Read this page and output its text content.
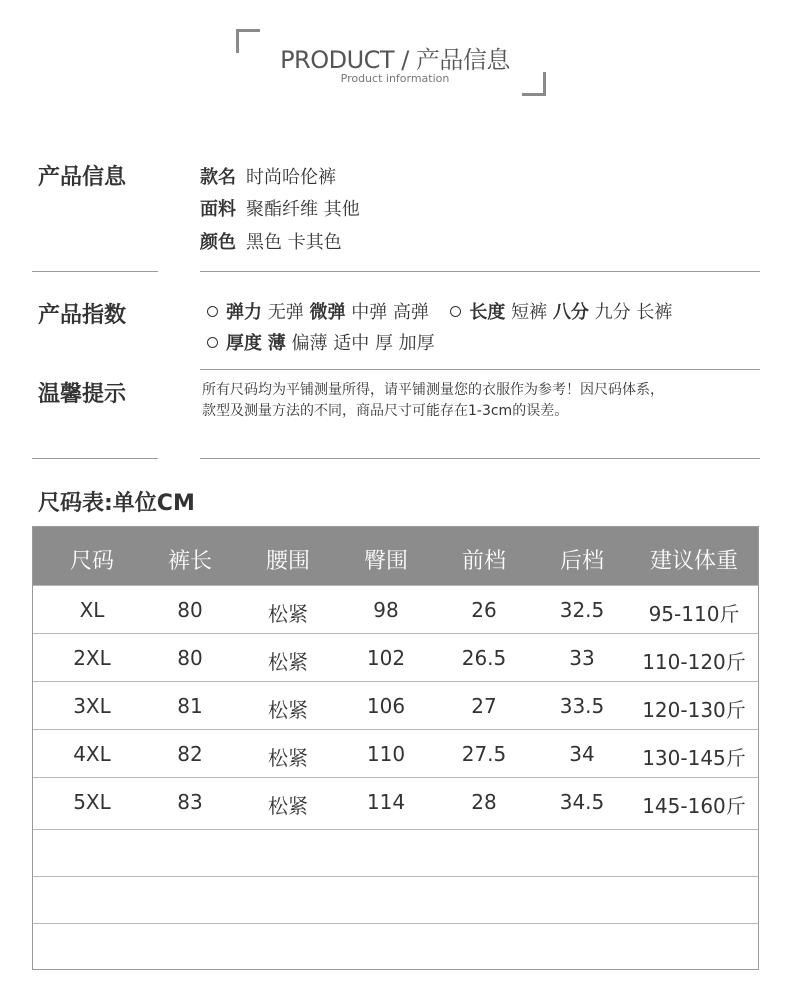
PRODUCT / 产品信息
Product information
产品信息	款名 时尚哈伦裤
面料 聚酯纤维 其他
颜色 黑色 卡其色
产品指数	弹力 无弹 微弹 中弹 高弹 长度 短裤 八分 九分 长裤
厚度 薄 偏薄 适中 厚 加厚
温馨提示	所有尺码均为平铺测量所得，请平铺测量您的衣服作为参考！因尺码体系，款型及测量方法的不同，商品尺寸可能存在1-3cm的误差。
尺码表:单位CM
尺码	裤长	腰围	臀围	前档	后档	建议体重
XL	80	松紧	98	26	32.5	95-110斤
2XL	80	松紧	102	26.5	33	110-120斤
3XL	81	松紧	106	27	33.5	120-130斤
4XL	82	松紧	110	27.5	34	130-145斤
5XL	83	松紧	114	28	34.5	145-160斤
